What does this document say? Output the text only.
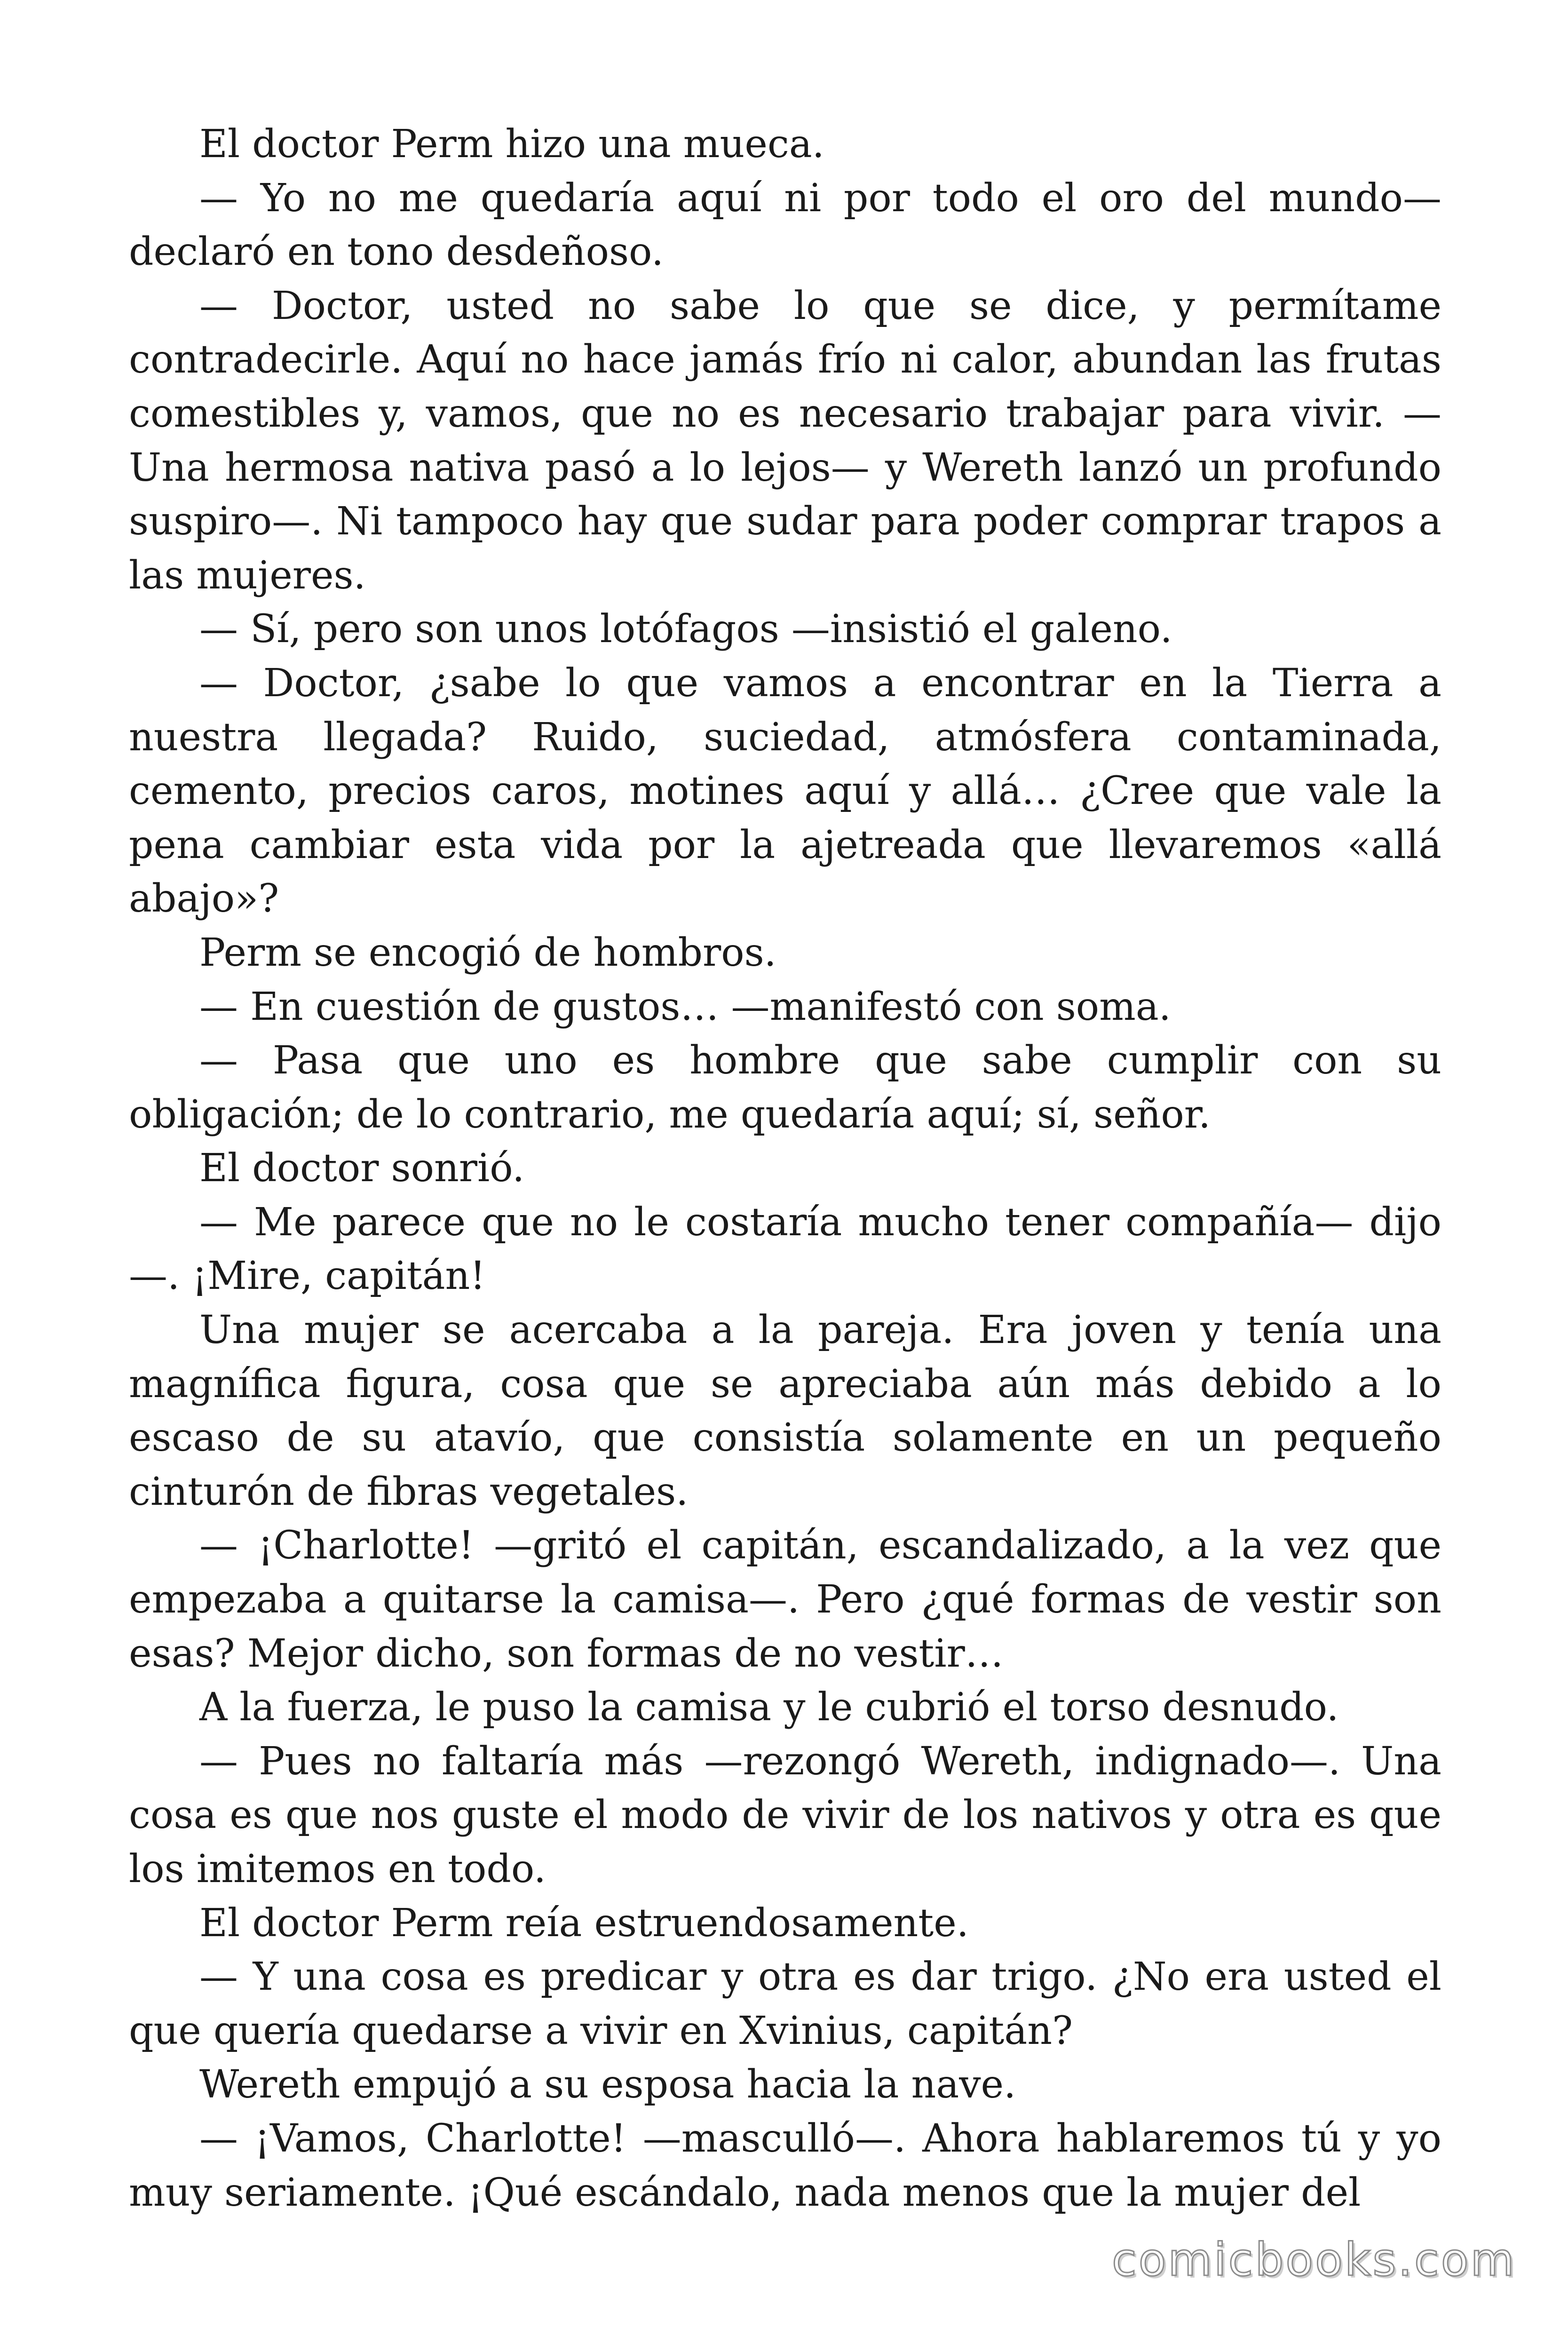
El doctor Perm hizo una mueca.

— Yo no me quedaría aquí ni por todo el oro del mundo— declaró en tono desdeñoso.

— Doctor, usted no sabe lo que se dice, y permítame contradecirle. Aquí no hace jamás frío ni calor, abundan las frutas comestibles y, vamos, que no es necesario trabajar para vivir. —Una hermosa nativa pasó a lo lejos— y Wereth lanzó un profundo suspiro—. Ni tampoco hay que sudar para poder comprar trapos a las mujeres.

— Sí, pero son unos lotófagos —insistió el galeno.

— Doctor, ¿sabe lo que vamos a encontrar en la Tierra a nuestra llegada? Ruido, suciedad, atmósfera contaminada, cemento, precios caros, motines aquí y allá… ¿Cree que vale la pena cambiar esta vida por la ajetreada que llevaremos «allá abajo»?

Perm se encogió de hombros.

— En cuestión de gustos… —manifestó con soma.

— Pasa que uno es hombre que sabe cumplir con su obligación; de lo contrario, me quedaría aquí; sí, señor.

El doctor sonrió.

— Me parece que no le costaría mucho tener compañía— dijo—. ¡Mire, capitán!

Una mujer se acercaba a la pareja. Era joven y tenía una magnífica figura, cosa que se apreciaba aún más debido a lo escaso de su atavío, que consistía solamente en un pequeño cinturón de fibras vegetales.

— ¡Charlotte! —gritó el capitán, escandalizado, a la vez que empezaba a quitarse la camisa—. Pero ¿qué formas de vestir son esas? Mejor dicho, son formas de no vestir…

A la fuerza, le puso la camisa y le cubrió el torso desnudo.

— Pues no faltaría más —rezongó Wereth, indignado—. Una cosa es que nos guste el modo de vivir de los nativos y otra es que los imitemos en todo.

El doctor Perm reía estruendosamente.

— Y una cosa es predicar y otra es dar trigo. ¿No era usted el que quería quedarse a vivir en Xvinius, capitán?

Wereth empujó a su esposa hacia la nave.

— ¡Vamos, Charlotte! —masculló—. Ahora hablaremos tú y yo muy seriamente. ¡Qué escándalo, nada menos que la mujer del

comicbooks.com
